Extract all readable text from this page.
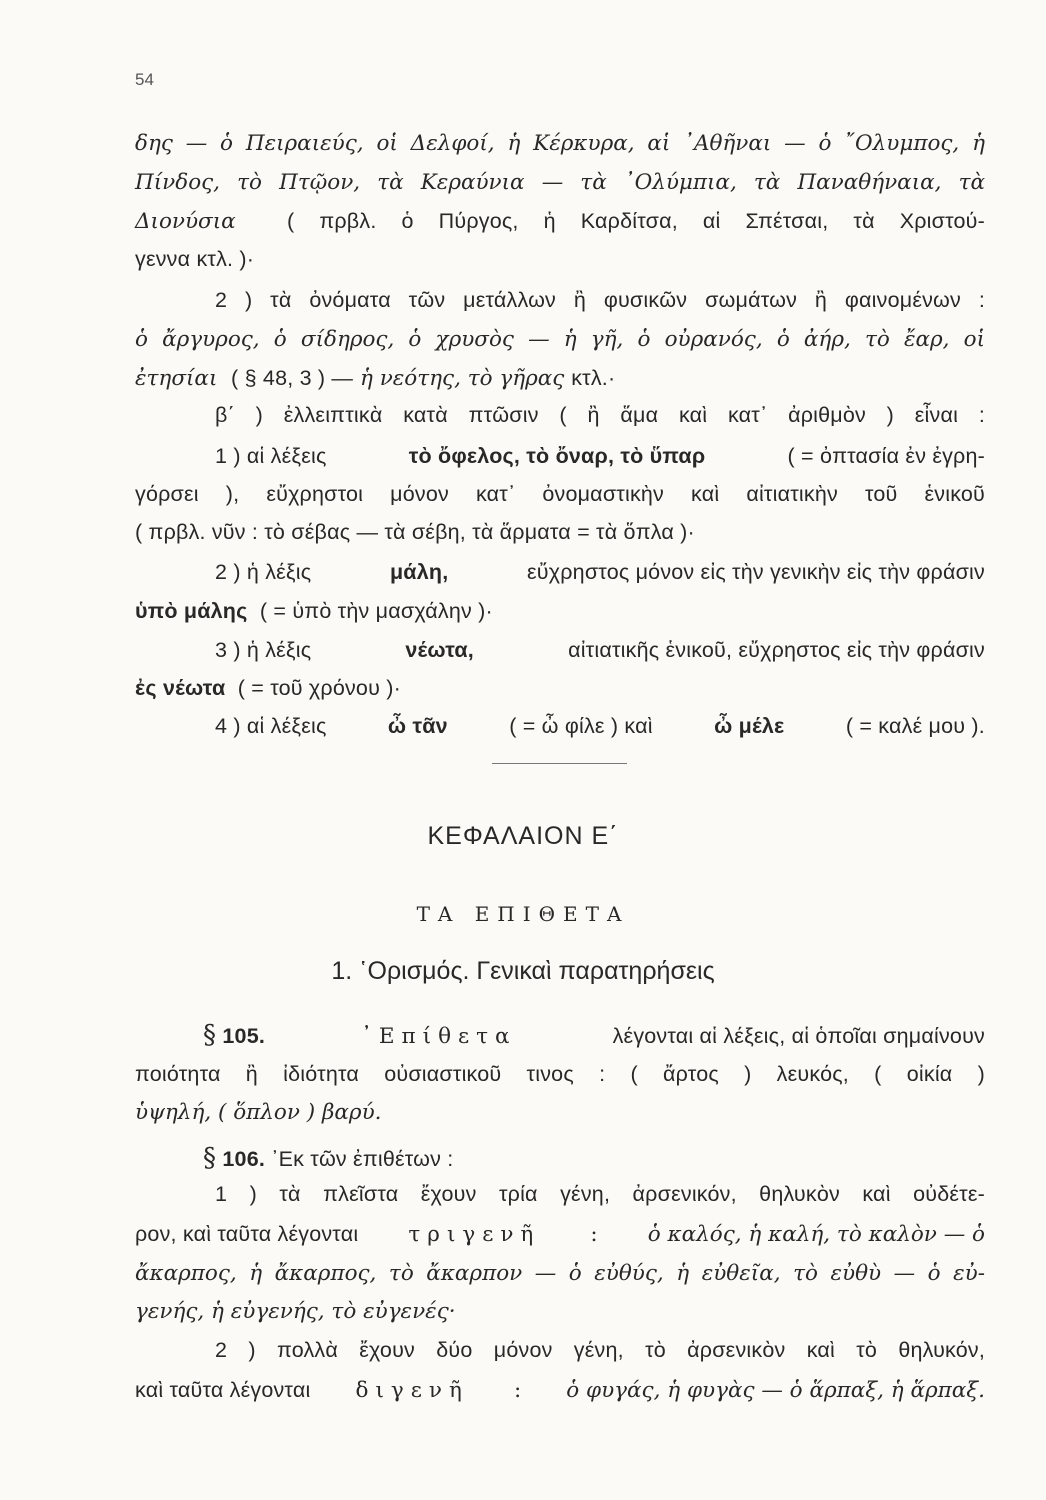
54
δης — ὁ Πειραιεύς, οἱ Δελφοί, ἡ Κέρκυρα, αἱ ᾿Αθῆναι — ὁ ῎Ολυμπος, ἡ
Πίνδος, τὸ Πτῷον, τὰ Κεραύνια — τὰ ᾿Ολύμπια, τὰ Παναθήναια, τὰ
Διονύσια ( πρβλ. ὁ Πύργος, ἡ Καρδίτσα, αἱ Σπέτσαι, τὰ Χριστού-
γεννα κτλ. )·
2 ) τὰ ὀνόματα τῶν μετάλλων ἢ φυσικῶν σωμάτων ἢ φαινομένων :
ὁ ἄργυρος, ὁ σίδηρος, ὁ χρυσὸς — ἡ γῆ, ὁ οὐρανός, ὁ ἀήρ, τὸ ἔαρ, οἱ
ἐτησίαι ( § 48, 3 ) — ἡ νεότης, τὸ γῆρας κτλ.·
β΄ ) ἐλλειπτικὰ κατὰ πτῶσιν ( ἢ ἅμα καὶ κατ᾽ ἀριθμὸν ) εἶναι :
1 ) αἱ λέξεις	τὸ ὄφελος, τὸ ὄναρ, τὸ ὕπαρ	( = ὀπτασία ἐν ἐγρη-
γόρσει ), εὔχρηστοι μόνον κατ᾽ ὀνομαστικὴν καὶ αἰτιατικὴν τοῦ ἑνικοῦ
( πρβλ. νῦν : τὸ σέβας — τὰ σέβη, τὰ ἅρματα = τὰ ὅπλα )·
2 ) ἡ λέξις	μάλη,	εὔχρηστος μόνον εἰς τὴν γενικὴν εἰς τὴν φράσιν
ὑπὸ μάλης ( = ὑπὸ τὴν μασχάλην )·
3 ) ἡ λέξις	νέωτα,	αἰτιατικῆς ἑνικοῦ, εὔχρηστος εἰς τὴν φράσιν
ἐς νέωτα ( = τοῦ χρόνου )·
4 ) αἱ λέξεις	ὦ τᾶν	( = ὦ φίλε ) καὶ	ὦ μέλε	( = καλέ μου ).
ΚΕΦΑΛΑΙΟΝ Ε΄
ΤΑ ΕΠΙΘΕΤΑ
1. ῾Ορισμός. Γενικαὶ παρατηρήσεις
§ 105.	᾿Επίθετα	λέγονται αἱ λέξεις, αἱ ὁποῖαι σημαίνουν
ποιότητα ἢ ἰδιότητα οὐσιαστικοῦ τινος : ( ἄρτος ) λευκός, ( οἰκία )
ὑψηλή, ( ὅπλον ) βαρύ.
§
106.
᾿Εκ τῶν ἐπιθέτων :
1 ) τὰ πλεῖστα ἔχουν τρία γένη, ἀρσενικόν, θηλυκὸν καὶ οὐδέτε-
ρον, καὶ ταῦτα λέγονται τριγενῆ : ὁ καλός, ἡ καλή, τὸ καλὸν — ὁ
ἄκαρπος, ἡ ἄκαρπος, τὸ ἄκαρπον — ὁ εὐθύς, ἡ εὐθεῖα, τὸ εὐθὺ — ὁ εὐ-
γενής, ἡ εὐγενής, τὸ εὐγενές·
2 ) πολλὰ ἔχουν δύο μόνον γένη, τὸ ἀρσενικὸν καὶ τὸ θηλυκόν,
καὶ ταῦτα λέγονται διγενῆ : ὁ φυγάς, ἡ φυγὰς — ὁ ἅρπαξ, ἡ ἅρπαξ.
